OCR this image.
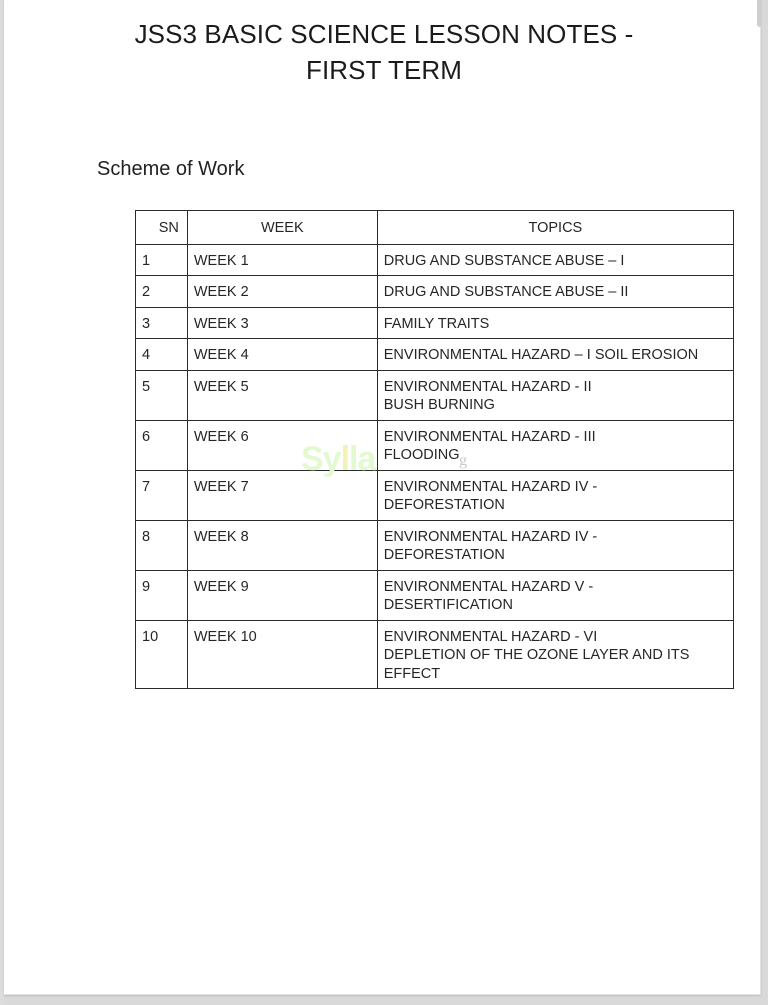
JSS3 BASIC SCIENCE LESSON NOTES -
FIRST TERM
Scheme of Work
SN	WEEK	TOPICS
1	WEEK 1	DRUG AND SUBSTANCE ABUSE – I

2	WEEK 2	DRUG AND SUBSTANCE ABUSE – II

3	WEEK 3	FAMILY TRAITS

4	WEEK 4	ENVIRONMENTAL HAZARD – I SOIL EROSION

5	WEEK 5	ENVIRONMENTAL HAZARD - II
BUSH BURNING

6	WEEK 6	ENVIRONMENTAL HAZARD - III
FLOODING

7	WEEK 7	ENVIRONMENTAL HAZARD IV -
DEFORESTATION

8	WEEK 8	ENVIRONMENTAL HAZARD IV -
DEFORESTATION

9	WEEK 9	ENVIRONMENTAL HAZARD V -
DESERTIFICATION

10	WEEK 10	ENVIRONMENTAL HAZARD - VI
DEPLETION OF THE OZONE LAYER AND ITS
EFFECT
Sylla	g
